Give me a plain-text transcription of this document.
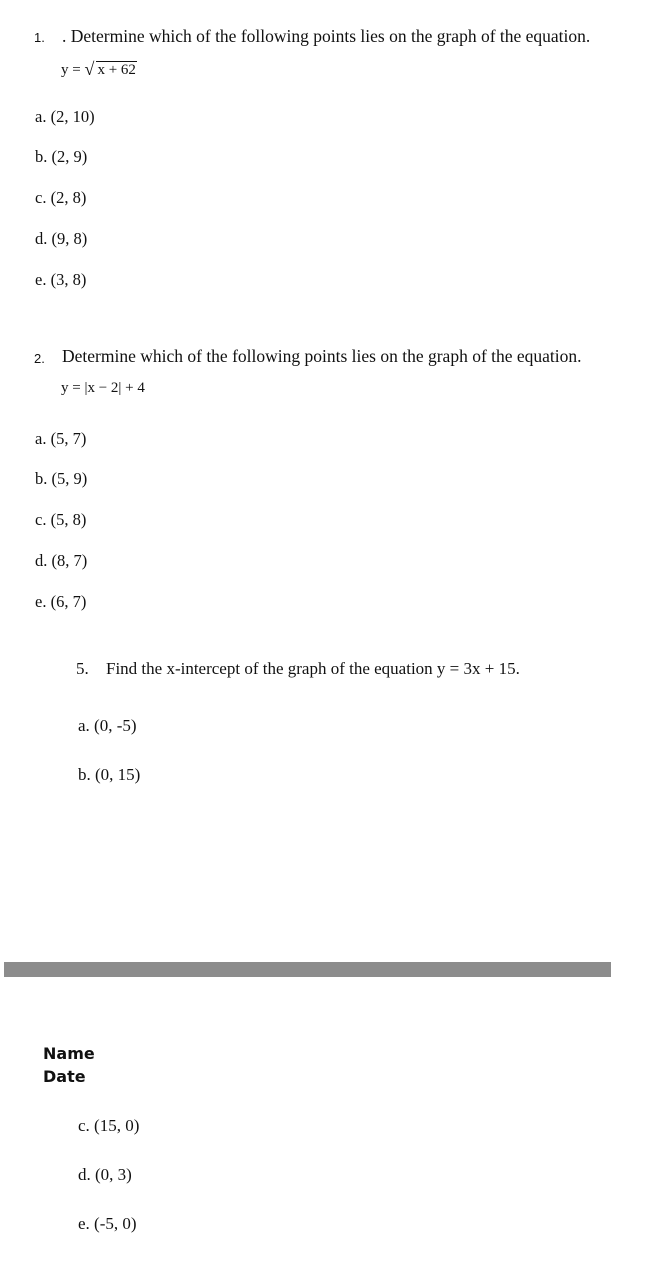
1. . Determine which of the following points lies on the graph of the equation.
y = √ x + 62
a. (2, 10)
b. (2, 9)
c. (2, 8)
d. (9, 8)
e. (3, 8)
2. Determine which of the following points lies on the graph of the equation.
y = |x − 2| + 4
a. (5, 7)
b. (5, 9)
c. (5, 8)
d. (8, 7)
e. (6, 7)
5. Find the x-intercept of the graph of the equation y = 3x + 15.
a. (0, -5)
b. (0, 15)
Name
Date
c. (15, 0)
d. (0, 3)
e. (-5, 0)
